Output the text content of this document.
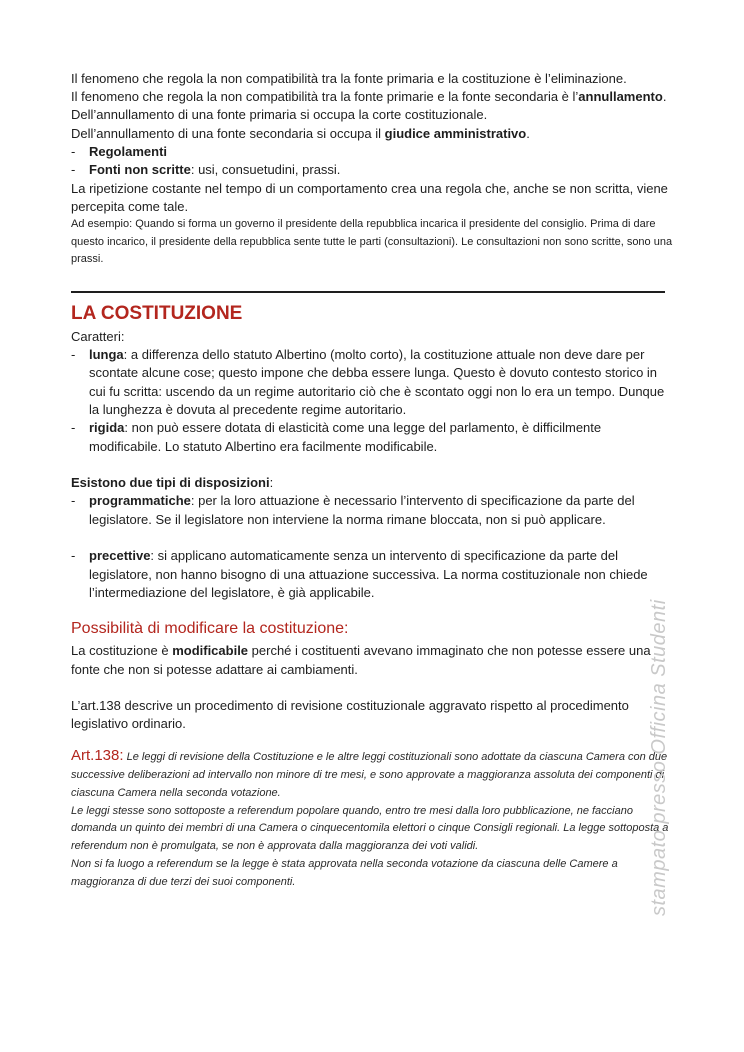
Il fenomeno che regola la non compatibilità tra la fonte primaria e la costituzione è l’eliminazione.

Il fenomeno che regola la non compatibilità tra la fonte primarie e la fonte secondaria è l’annullamento.

Dell’annullamento di una fonte primaria si occupa la corte costituzionale.

Dell’annullamento di una fonte secondaria si occupa il giudice amministrativo.

- Regolamenti
- Fonti non scritte: usi, consuetudini, prassi.

La ripetizione costante nel tempo di un comportamento crea una regola che, anche se non scritta, viene percepita come tale.

Ad esempio: Quando si forma un governo il presidente della repubblica incarica il presidente del consiglio. Prima di dare questo incarico, il presidente della repubblica sente tutte le parti (consultazioni). Le consultazioni non sono scritte, sono una prassi.

LA COSTITUZIONE

Caratteri:

- lunga: a differenza dello statuto Albertino (molto corto), la costituzione attuale non deve dare per scontate alcune cose; questo impone che debba essere lunga. Questo è dovuto contesto storico in cui fu scritta: uscendo da un regime autoritario ciò che è scontato oggi non lo era un tempo. Dunque la lunghezza è dovuta al precedente regime autoritario.
- rigida: non può essere dotata di elasticità come una legge del parlamento, è difficilmente modificabile. Lo statuto Albertino era facilmente modificabile.

Esistono due tipi di disposizioni:

- programmatiche: per la loro attuazione è necessario l’intervento di specificazione da parte del legislatore. Se il legislatore non interviene la norma rimane bloccata, non si può applicare.
- precettive: si applicano automaticamente senza un intervento di specificazione da parte del legislatore, non hanno bisogno di una attuazione successiva. La norma costituzionale non chiede l’intermediazione del legislatore, è già applicabile.
Possibilità di modificare la costituzione:

La costituzione è modificabile perché i costituenti avevano immaginato che non potesse essere una fonte che non si potesse adattare ai cambiamenti.

L’art.138 descrive un procedimento di revisione costituzionale aggravato rispetto al procedimento legislativo ordinario.

Art.138: Le leggi di revisione della Costituzione e le altre leggi costituzionali sono adottate da ciascuna Camera con due successive deliberazioni ad intervallo non minore di tre mesi, e sono approvate a maggioranza assoluta dei componenti di ciascuna Camera nella seconda votazione.

Le leggi stesse sono sottoposte a referendum popolare quando, entro tre mesi dalla loro pubblicazione, ne facciano domanda un quinto dei membri di una Camera o cinquecentomila elettori o cinque Consigli regionali. La legge sottoposta a referendum non è promulgata, se non è approvata dalla maggioranza dei voti validi.

Non si fa luogo a referendum se la legge è stata approvata nella seconda votazione da ciascuna delle Camere a maggioranza di due terzi dei suoi componenti.	stampato presso Officina Studenti
